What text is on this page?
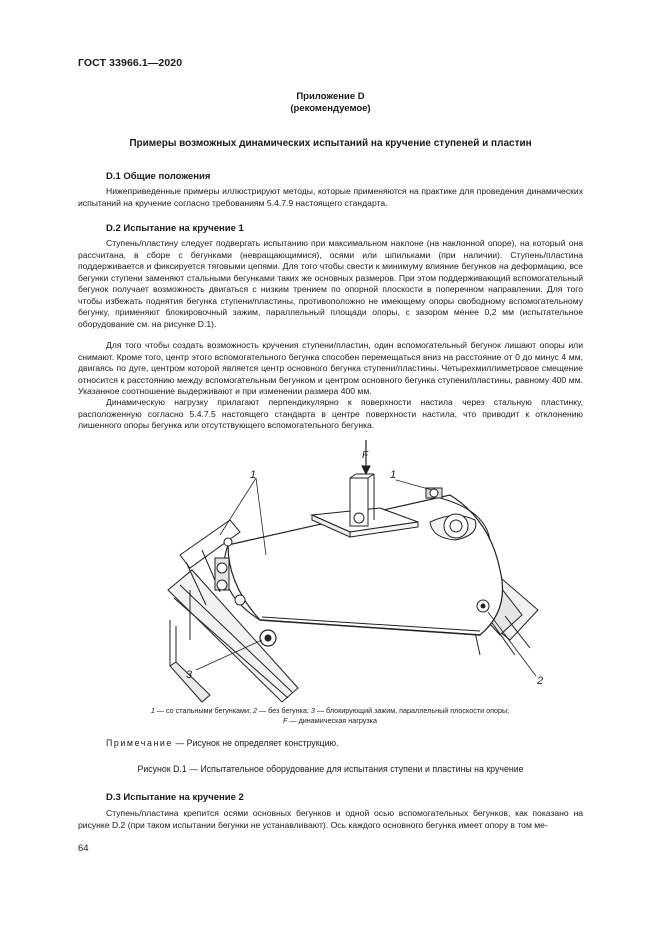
ГОСТ 33966.1—2020
Приложение D
(рекомендуемое)
Примеры возможных динамических испытаний на кручение ступеней и пластин
D.1 Общие положения

Нижеприведенные примеры иллюстрируют методы, которые применяются на практике для проведения динамических испытаний на кручение согласно требованиям 5.4.7.9 настоящего стандарта.

D.2 Испытание на кручение 1

Ступень/пластину следует подвергать испытанию при максимальном наклоне (на наклонной опоре), на который она рассчитана, в сборе с бегунками (невращающимися), осями или шпильками (при наличии). Ступень/пластина поддерживается и фиксируется тяговыми цепями. Для того чтобы свести к минимуму влияние бегунков на деформацию, все бегунки ступени заменяют стальными бегунками таких же основных размеров. При этом поддерживающий вспомогательный бегунок получает возможность двигаться с низким трением по опорной плоскости в поперечном направлении. Для того чтобы избежать поднятия бегунка ступени/пластины, противоположно не имеющему опоры свободному вспомогательному бегунку, применяют блокировочный зажим, параллельный площади опоры, с зазором менее 0,2 мм (испытательное оборудование см. на рисунке D.1).

Для того чтобы создать возможность кручения ступени/пластин, один вспомогательный бегунок лишают опоры или снимают. Кроме того, центр этого вспомогательного бегунка способен перемещаться вниз на расстояние от 0 до минус 4 мм, двигаясь по дуге, центром которой является центр основного бегунка ступени/пластины. Четырехмиллиметровое смещение относится к расстоянию между вспомогательным бегунком и центром основного бегунка ступени/пластины, равному 400 мм. Указанное соотношение выдерживают и при изменении размера 400 мм.

Динамическую нагрузку прилагают перпендикулярно к поверхности настила через стальную пластинку, расположенную согласно 5.4.7.5 настоящего стандарта в центре поверхности настила, что приводит к отклонению лишенного опоры бегунка или отсутствующего вспомогательного бегунка.

F
1
1
3	2
1 — со стальными бегунками; 2 — без бегунка; 3 — блокирующий зажим, параллельный плоскости опоры;
F — динамическая нагрузка
Примечание — Рисунок не определяет конструкцию.
Рисунок D.1 — Испытательное оборудование для испытания ступени и пластины на кручение
D.3 Испытание на кручение 2

Ступень/пластина крепится осями основных бегунков и одной осью вспомогательных бегунков, как показано на рисунке D.2 (при таком испытании бегунки не устанавливают). Ось каждого основного бегунка имеет опору в том ме-

64
